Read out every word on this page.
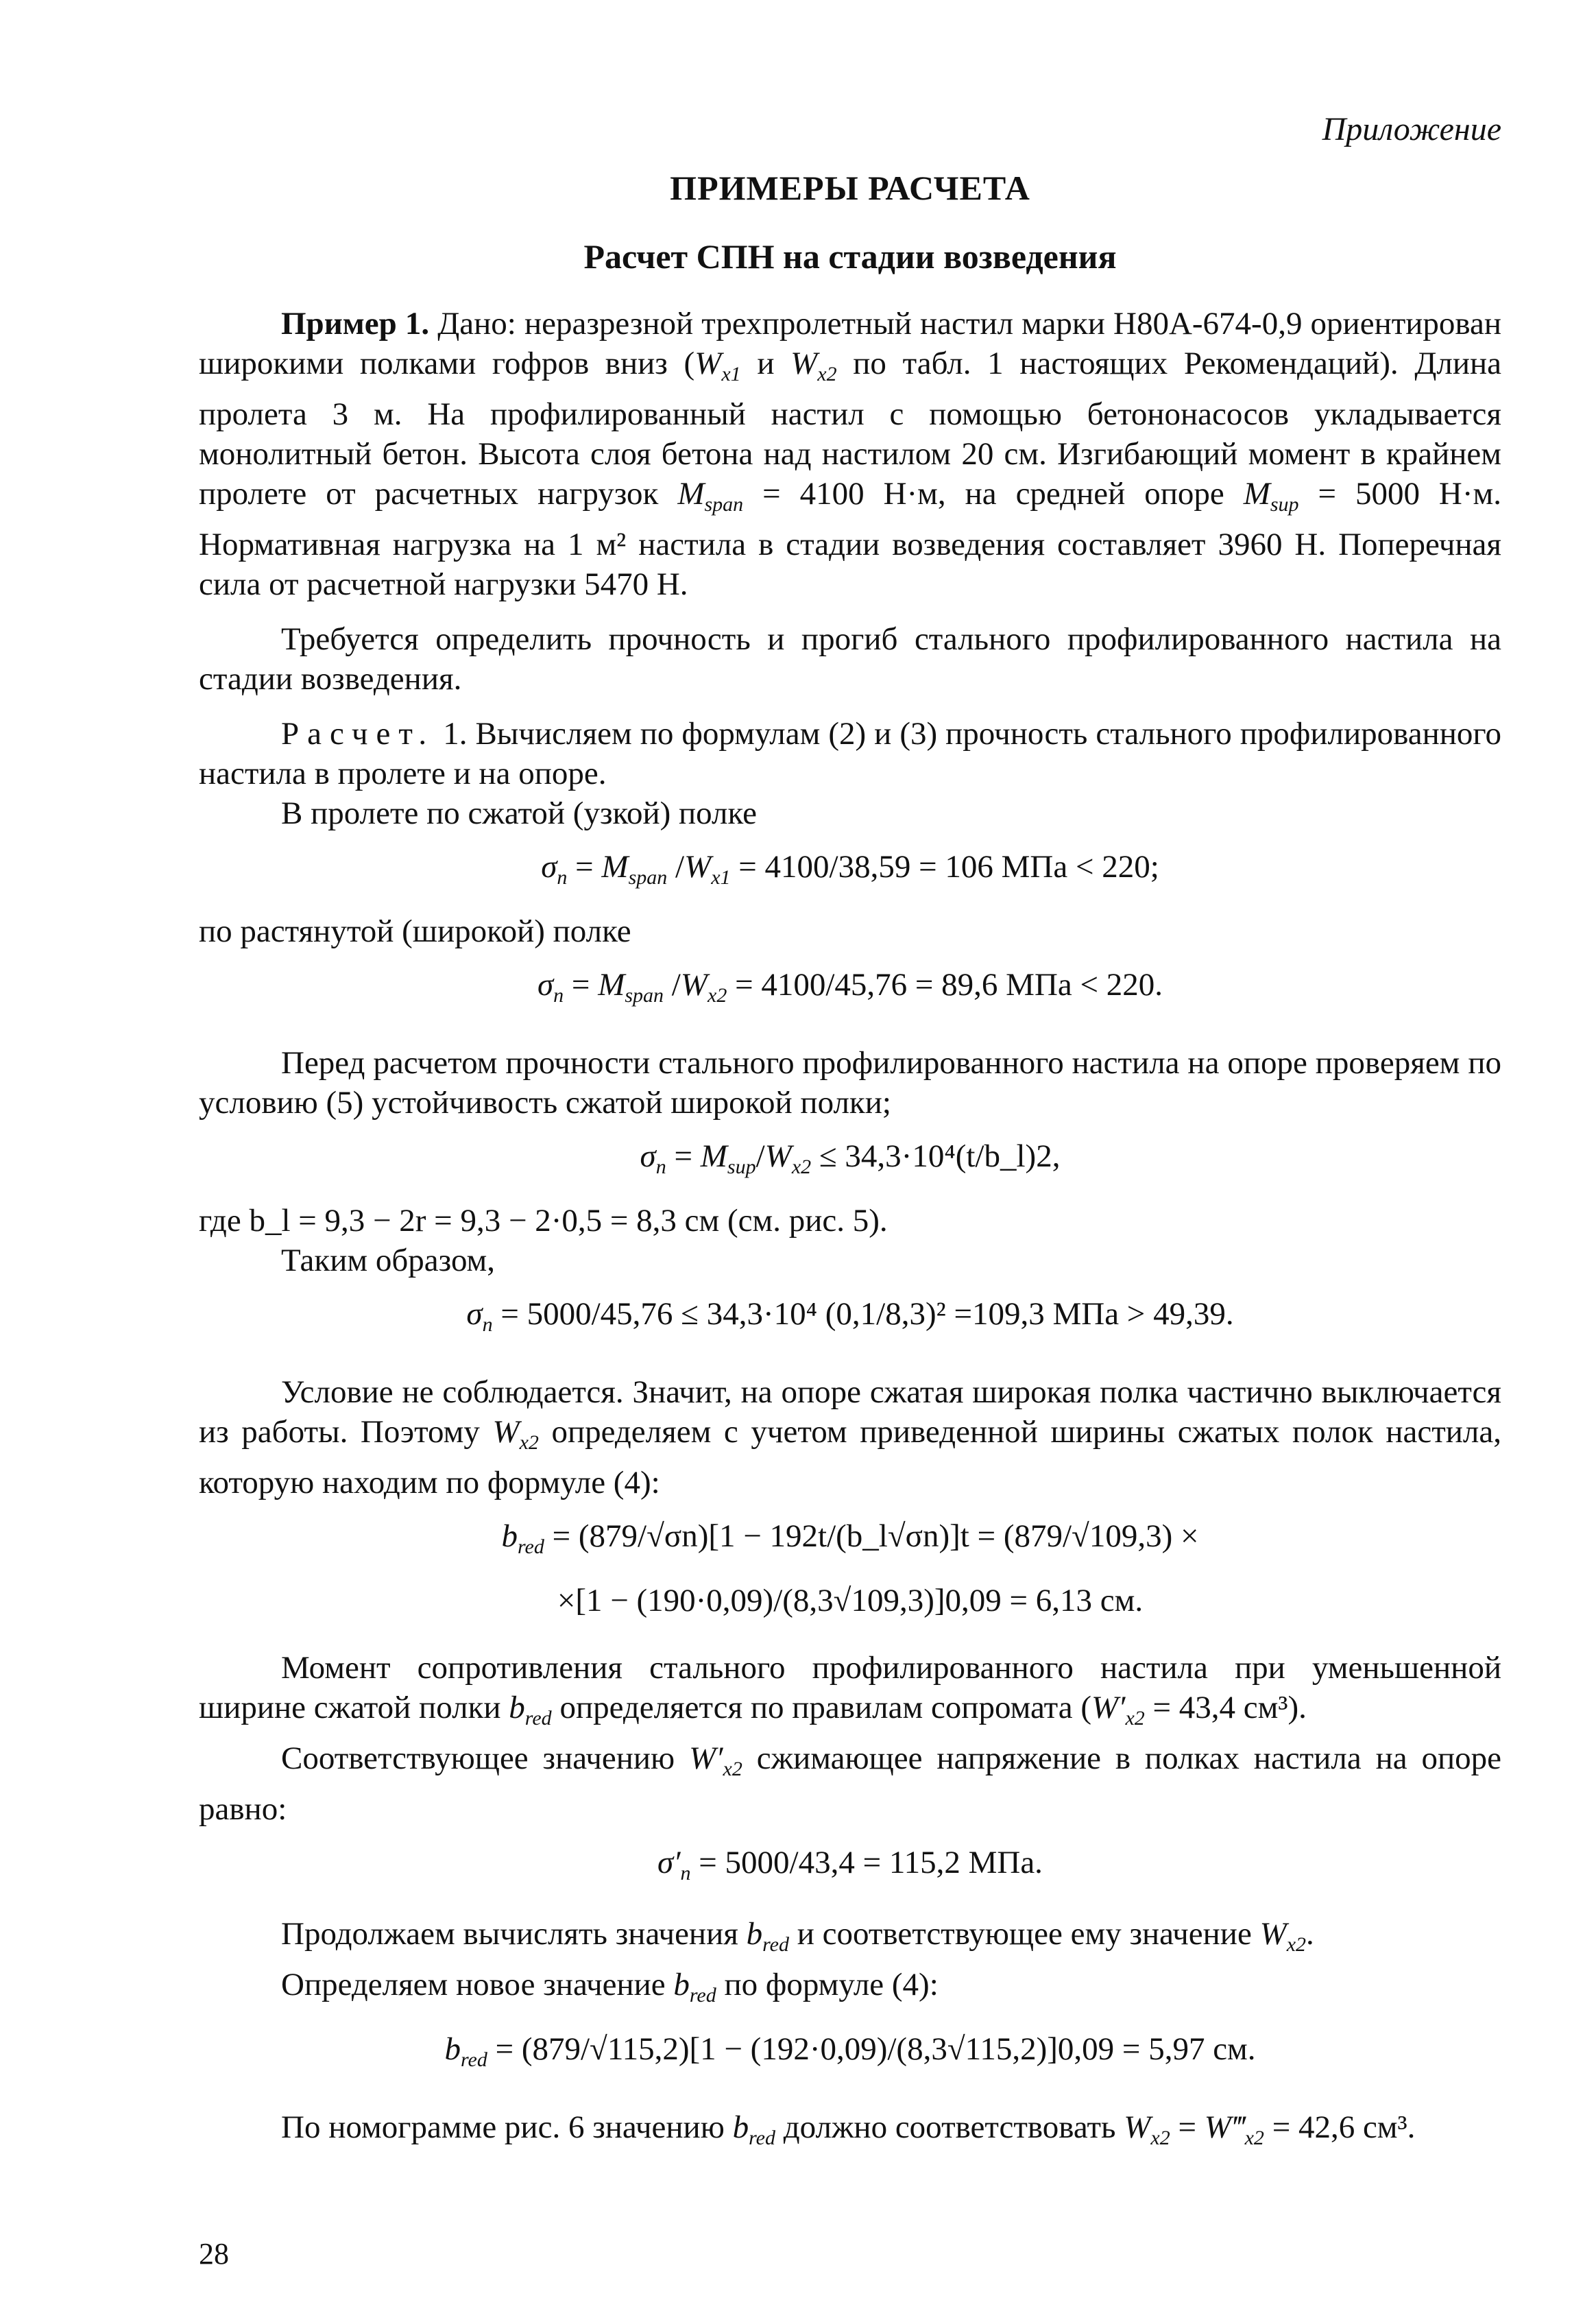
Приложение
ПРИМЕРЫ РАСЧЕТА
Расчет СПН на стадии возведения

Пример 1. Дано: неразрезной трехпролетный настил марки Н80А-674-0,9 ориентирован широкими полками гофров вниз ($W_{x1}$ и $W_{x2}$ по табл. 1 настоящих Рекомендаций). Длина пролета 3 м. На профилированный настил с помощью бетононасосов укладывается монолитный бетон. Высота слоя бетона над настилом 20 см. Изгибающий момент в крайнем пролете от расчетных нагрузок $M_{span} = 4100$ Н·м, на средней опоре $M_{sup} = 5000$ Н·м. Нормативная нагрузка на 1 м² настила в стадии возведения составляет 3960 Н. Поперечная сила от расчетной нагрузки 5470 Н.

Требуется определить прочность и прогиб стального профилированного настила на стадии возведения.

Расчет. 1. Вычисляем по формулам (2) и (3) прочность стального профилированного настила в пролете и на опоре.

В пролете по сжатой (узкой) полке

$\sigma_n = M_{span}$ $/W_{x1} = 4100/38,59 = 106$ МПа < 220;

по растянутой (широкой) полке

$\sigma_n = M_{span}$ $/W_{x2} = 4100/45,76 = 89,6$ МПа < 220.

Перед расчетом прочности стального профилированного настила на опоре проверяем по условию (5) устойчивость сжатой широкой полки;

$\sigma_n = M_{sup}/W_{x2}$ ≤ 34,3·10⁴(t/b_l)2,

где b_l = 9,3 − 2r = 9,3 − 2·0,5 = 8,3 см (см. рис. 5).

Таким образом,

$\sigma_n = 5000/45,76 \le 34,3\cdot 10^4$ (0,1/8,3)² =109,3 МПа > 49,39.

Условие не соблюдается. Значит, на опоре сжатая широкая полка частично выключается из работы. Поэтому $W_{x2}$ определяем с учетом приведенной ширины сжатых полок настила, которую находим по формуле (4):

$b_{red} = (879/√\sigma n)[1$ − 192t/(b_l√σn)]t = (879/√109,3) ×
×[1 − (190·0,09)/(8,3√109,3)]0,09 = 6,13 см.

Момент сопротивления стального профилированного настила при уменьшенной ширине сжатой полки $b_{red}$ определяется по правилам сопромата ($W'_{x2} = 43,4$ см³).

Соответствующее значению $W'_{x2}$ сжимающее напряжение в полках настила на опоре равно:

$\sigma'_n = 5000/43,4 = 115,2$ МПа.

Продолжаем вычислять значения $b_{red}$ и соответствующее ему значение $W_{x2}$.

Определяем новое значение $b_{red}$ по формуле (4):

$b_{red} = (879/√115,2)[1 - (192\cdot 0,09)/(8,3√115,2)]0,09 = 5,97$ см.

По номограмме рис. 6 значению $b_{red}$ должно соответствовать $W_{x2}$ = $W‴_{x2} = 42,6$ см³.

28
